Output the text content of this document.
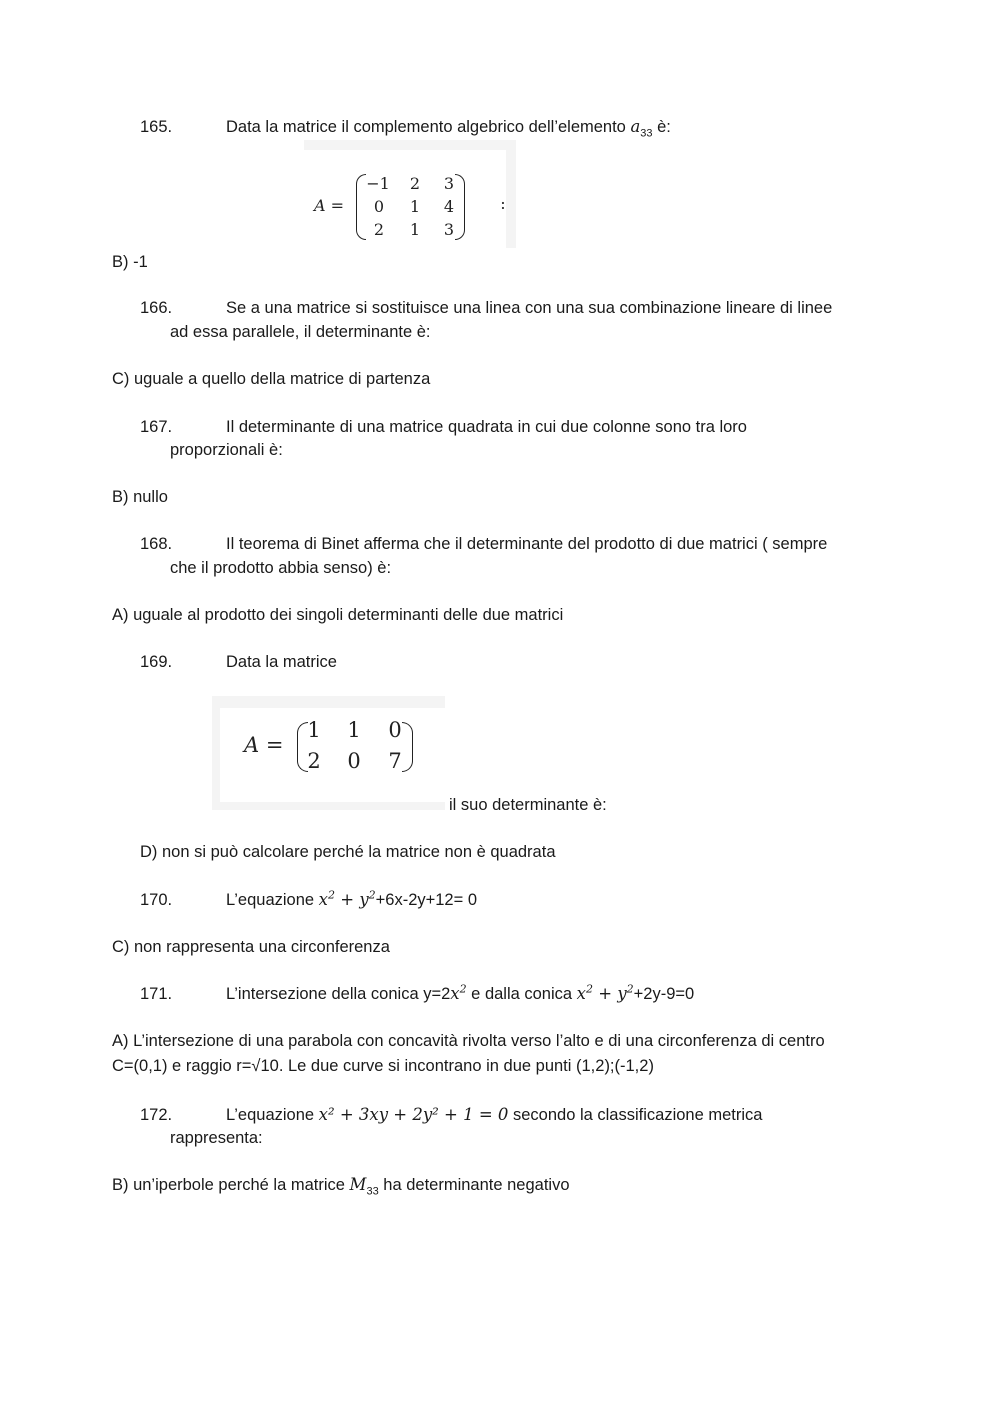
165.	Data la matrice il complemento algebrico dell’elemento $a_{33}$ è:
A =
−1	2	3
0	1	4
2	1	3
:
B) -1
166.	Se a una matrice si sostituisce una linea con una sua combinazione lineare di linee
ad essa parallele, il determinante è:
C) uguale a quello della matrice di partenza
167.	Il determinante di una matrice quadrata in cui due colonne sono tra loro
proporzionali è:
B) nullo
168.	Il teorema di Binet afferma che il determinante del prodotto di due matrici ( sempre
che il prodotto abbia senso) è:
A) uguale al prodotto dei singoli determinanti delle due matrici
169.	Data la matrice
A =
1 1 0
2 0 7
il suo determinante è:
D) non si può calcolare perché la matrice non è quadrata
170.	L’equazione $x^2 + y^2+6x-2y+12= 0$
C) non rappresenta una circonferenza
171.	L’intersezione della conica $y=2x^2$ e dalla conica $x^2 + y^2+2y-9=0$
A) L’intersezione di una parabola con concavità rivolta verso l’alto e di una circonferenza di centro
C=(0,1) e raggio r=√10. Le due curve si incontrano in due punti (1,2);(-1,2)
172.	L’equazione x² + 3xy + 2y² + 1 = 0 secondo la classificazione metrica
rappresenta:
B) un’iperbole perché la matrice $M_{33}$ ha determinante negativo
